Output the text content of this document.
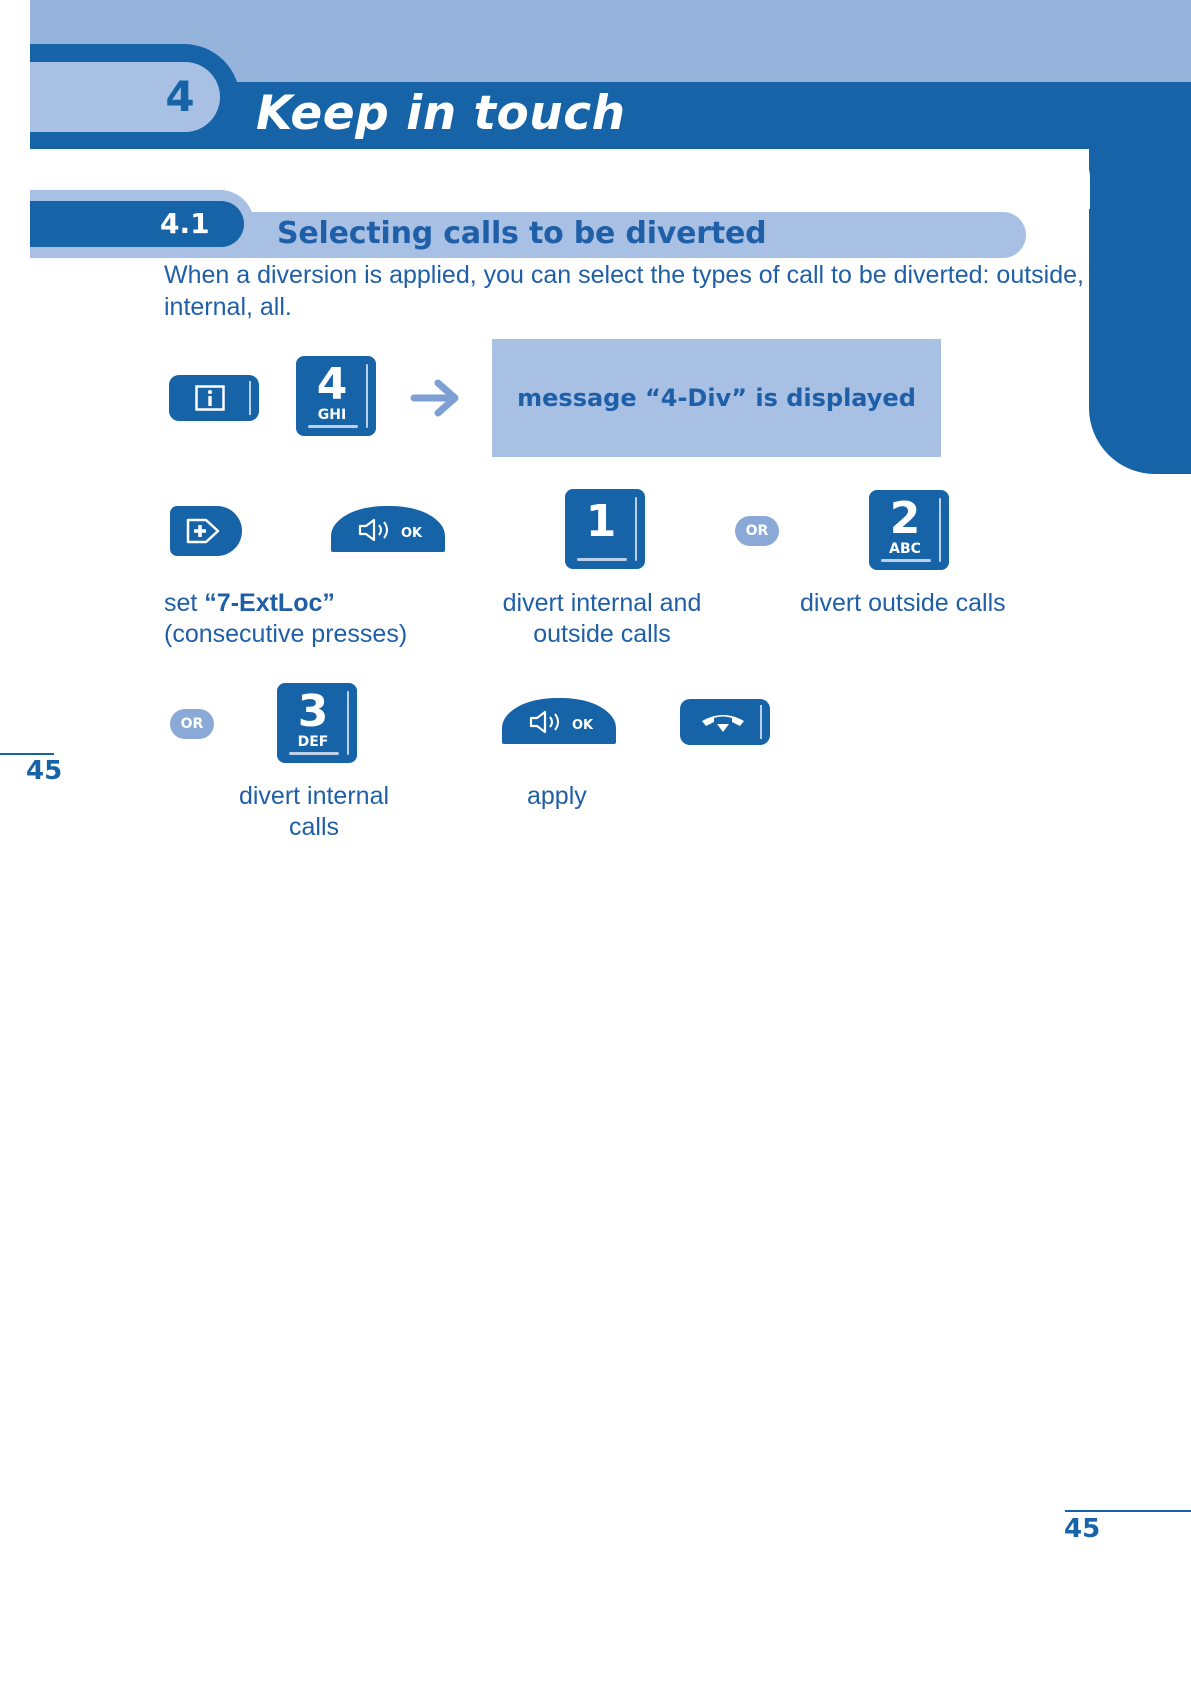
4	Keep in touch
4.1 Selecting calls to be diverted
When a diversion is applied, you can select the types of call to be diverted: outside, internal, all.
4
GHI
message “4-Div” is displayed
OK	1	OR	2
ABC
set “7-ExtLoc”
(consecutive presses)
divert internal and
outside calls
divert outside calls
OR	3
DEF
OK
divert internal
calls
apply
45
45
